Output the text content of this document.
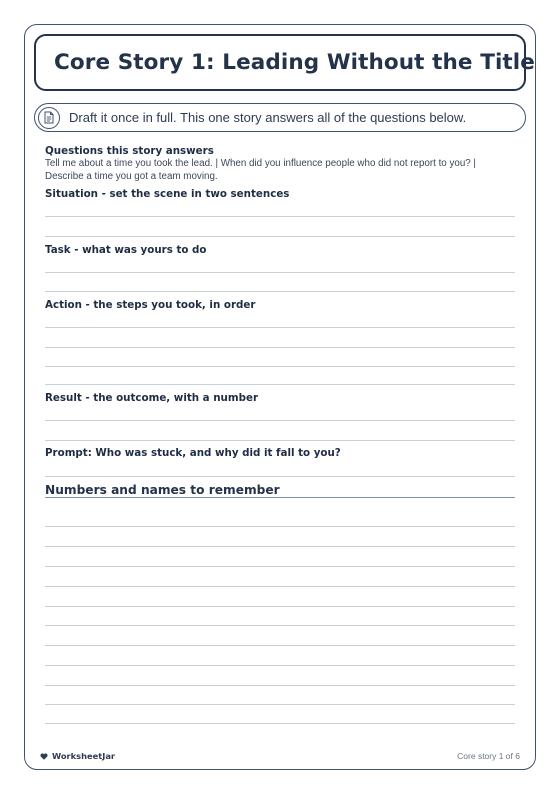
Core Story 1: Leading Without the Title
Draft it once in full. This one story answers all of the questions below.
Questions this story answers
Tell me about a time you took the lead. | When did you influence people who did not report to you? | Describe a time you got a team moving.
Situation - set the scene in two sentences
Task - what was yours to do
Action - the steps you took, in order
Result - the outcome, with a number
Prompt: Who was stuck, and why did it fall to you?
Numbers and names to remember
WorksheetJar	Core story 1 of 6
